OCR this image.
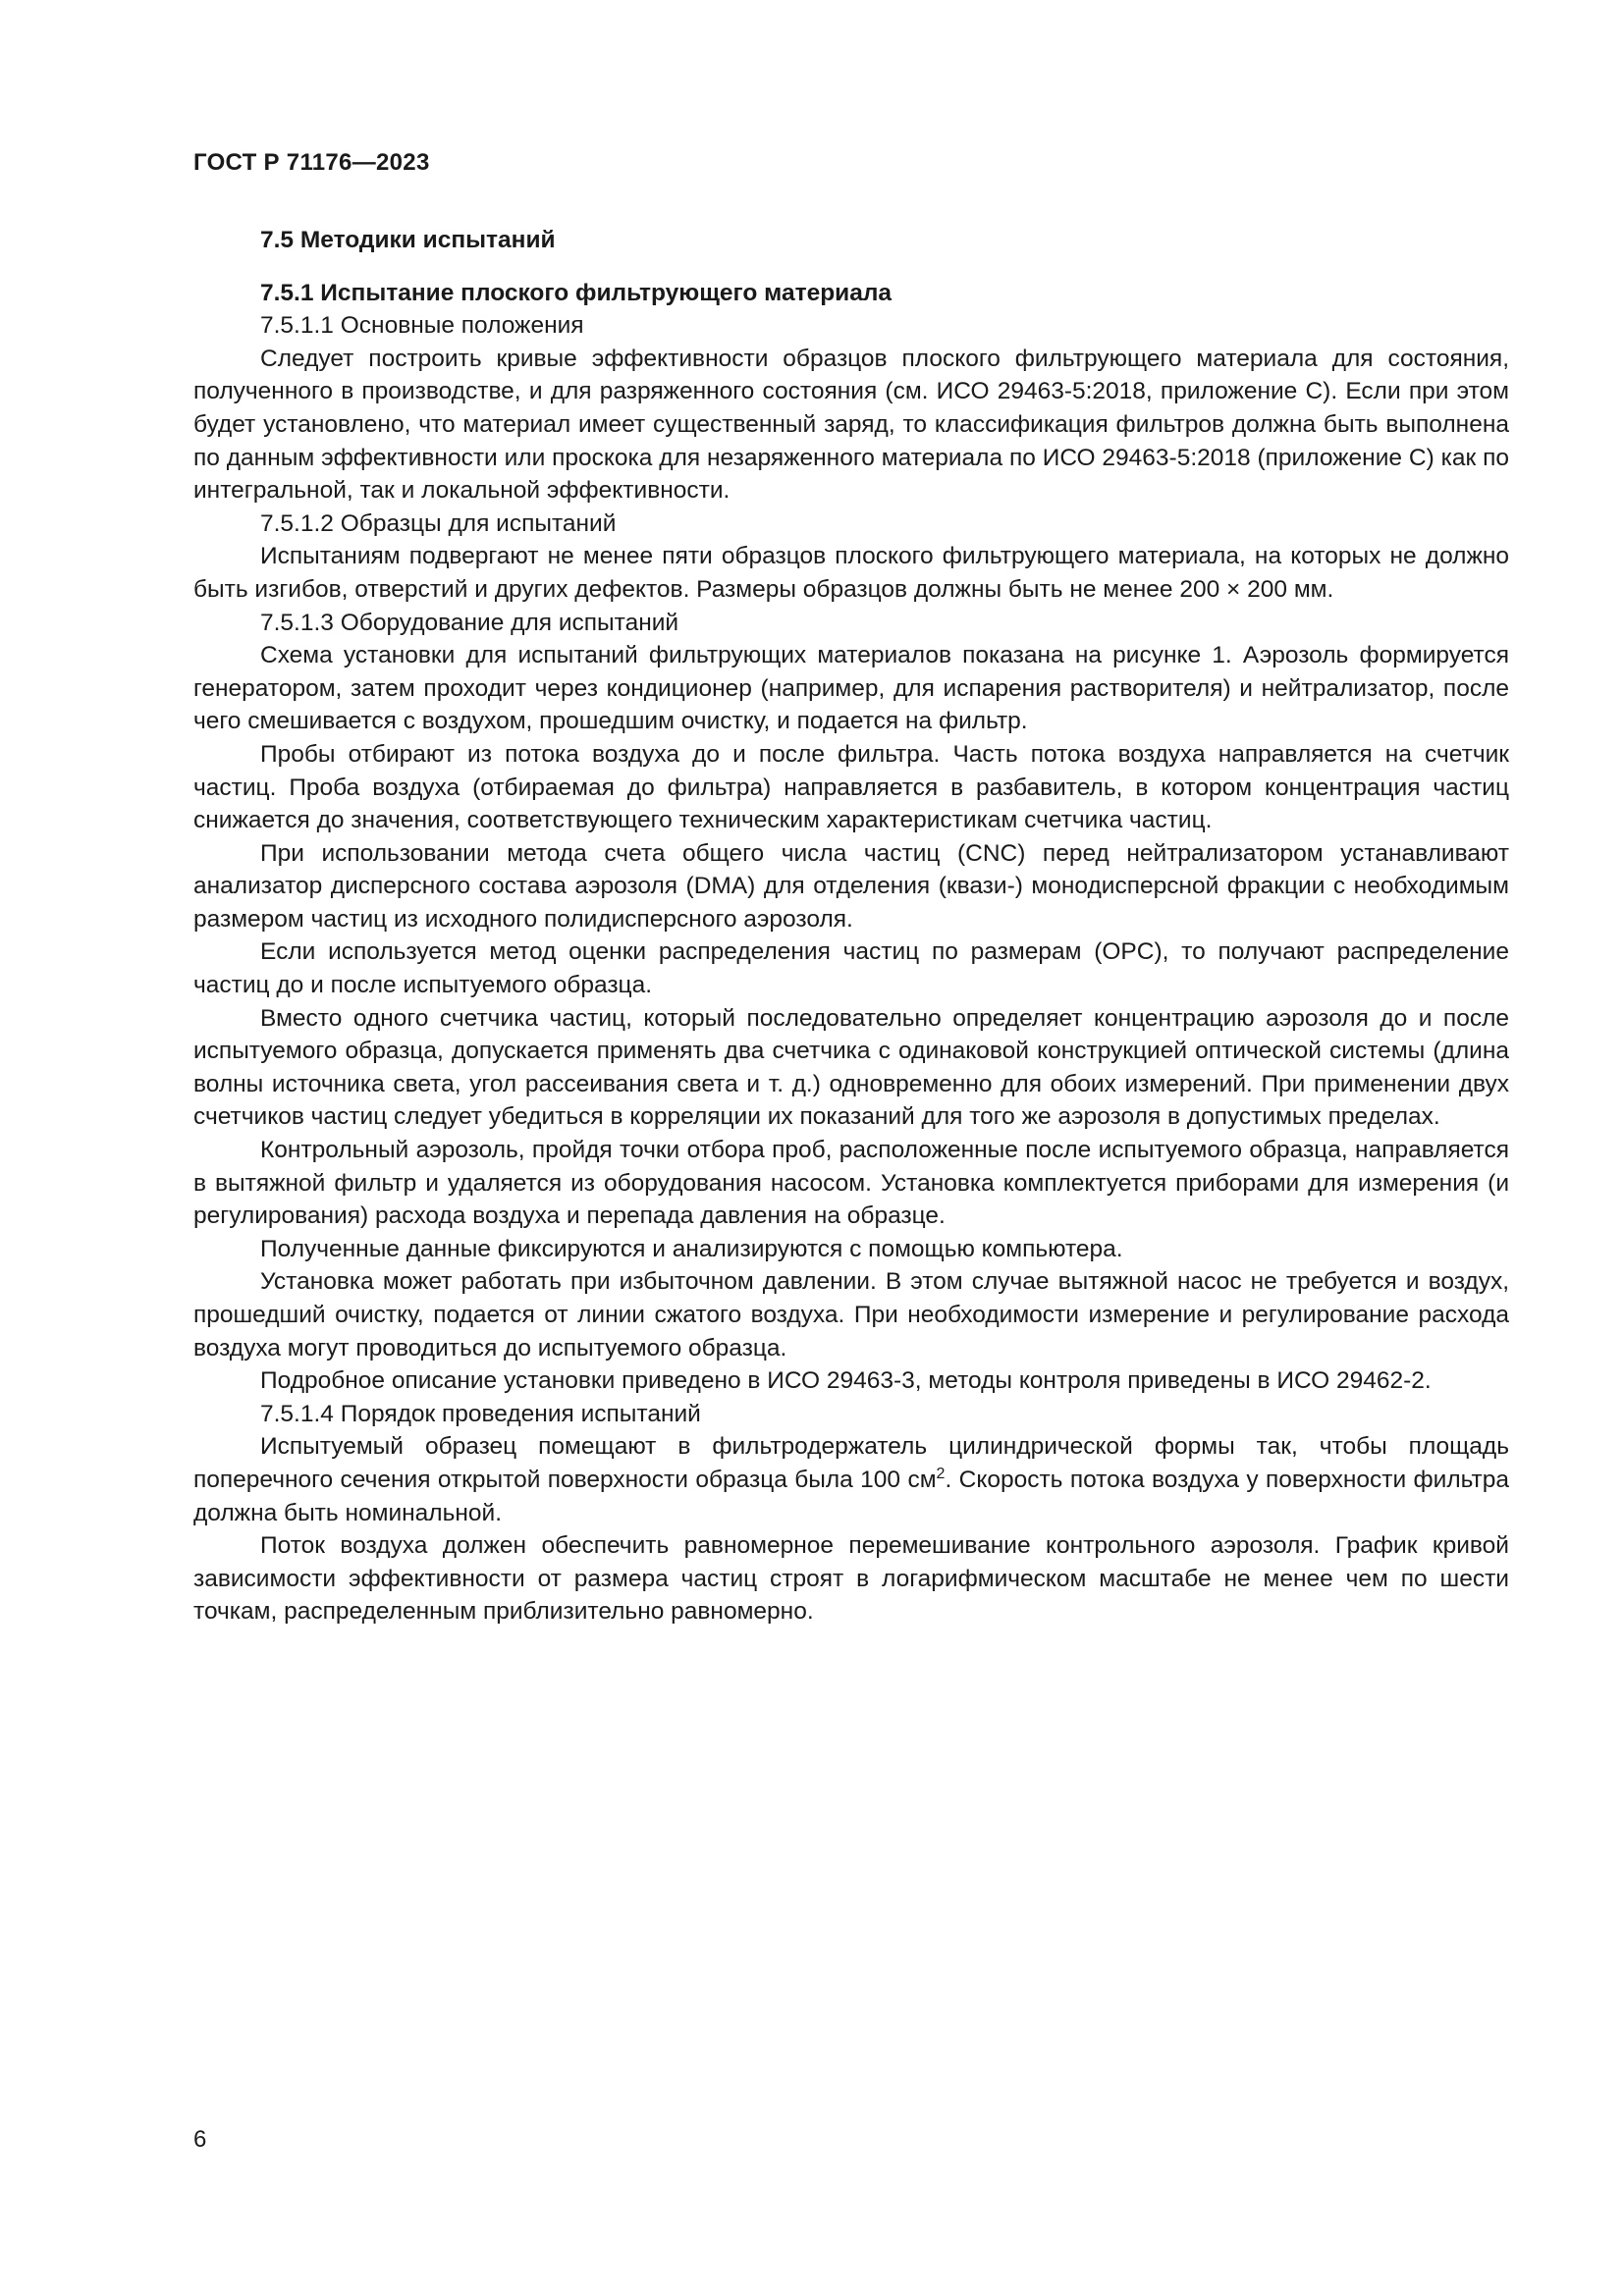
ГОСТ Р 71176—2023

7.5 Методики испытаний

7.5.1 Испытание плоского фильтрующего материала

7.5.1.1 Основные положения

Следует построить кривые эффективности образцов плоского фильтрующего материала для состояния, полученного в производстве, и для разряженного состояния (см. ИСО 29463-5:2018, приложение C). Если при этом будет установлено, что материал имеет существенный заряд, то классификация фильтров должна быть выполнена по данным эффективности или проскока для незаряженного материала по ИСО 29463-5:2018 (приложение C) как по интегральной, так и локальной эффективности.

7.5.1.2 Образцы для испытаний

Испытаниям подвергают не менее пяти образцов плоского фильтрующего материала, на которых не должно быть изгибов, отверстий и других дефектов. Размеры образцов должны быть не менее 200 × 200 мм.

7.5.1.3 Оборудование для испытаний

Схема установки для испытаний фильтрующих материалов показана на рисунке 1. Аэрозоль формируется генератором, затем проходит через кондиционер (например, для испарения растворителя) и нейтрализатор, после чего смешивается с воздухом, прошедшим очистку, и подается на фильтр.

Пробы отбирают из потока воздуха до и после фильтра. Часть потока воздуха направляется на счетчик частиц. Проба воздуха (отбираемая до фильтра) направляется в разбавитель, в котором концентрация частиц снижается до значения, соответствующего техническим характеристикам счетчика частиц.

При использовании метода счета общего числа частиц (CNC) перед нейтрализатором устанавливают анализатор дисперсного состава аэрозоля (DMA) для отделения (квази-) монодисперсной фракции с необходимым размером частиц из исходного полидисперсного аэрозоля.

Если используется метод оценки распределения частиц по размерам (OPC), то получают распределение частиц до и после испытуемого образца.

Вместо одного счетчика частиц, который последовательно определяет концентрацию аэрозоля до и после испытуемого образца, допускается применять два счетчика с одинаковой конструкцией оптической системы (длина волны источника света, угол рассеивания света и т. д.) одновременно для обоих измерений. При применении двух счетчиков частиц следует убедиться в корреляции их показаний для того же аэрозоля в допустимых пределах.

Контрольный аэрозоль, пройдя точки отбора проб, расположенные после испытуемого образца, направляется в вытяжной фильтр и удаляется из оборудования насосом. Установка комплектуется приборами для измерения (и регулирования) расхода воздуха и перепада давления на образце.

Полученные данные фиксируются и анализируются с помощью компьютера.

Установка может работать при избыточном давлении. В этом случае вытяжной насос не требуется и воздух, прошедший очистку, подается от линии сжатого воздуха. При необходимости измерение и регулирование расхода воздуха могут проводиться до испытуемого образца.

Подробное описание установки приведено в ИСО 29463-3, методы контроля приведены в ИСО 29462-2.

7.5.1.4 Порядок проведения испытаний

Испытуемый образец помещают в фильтродержатель цилиндрической формы так, чтобы площадь поперечного сечения открытой поверхности образца была 100 $см^2$. Скорость потока воздуха у поверхности фильтра должна быть номинальной.

Поток воздуха должен обеспечить равномерное перемешивание контрольного аэрозоля. График кривой зависимости эффективности от размера частиц строят в логарифмическом масштабе не менее чем по шести точкам, распределенным приблизительно равномерно.

6
